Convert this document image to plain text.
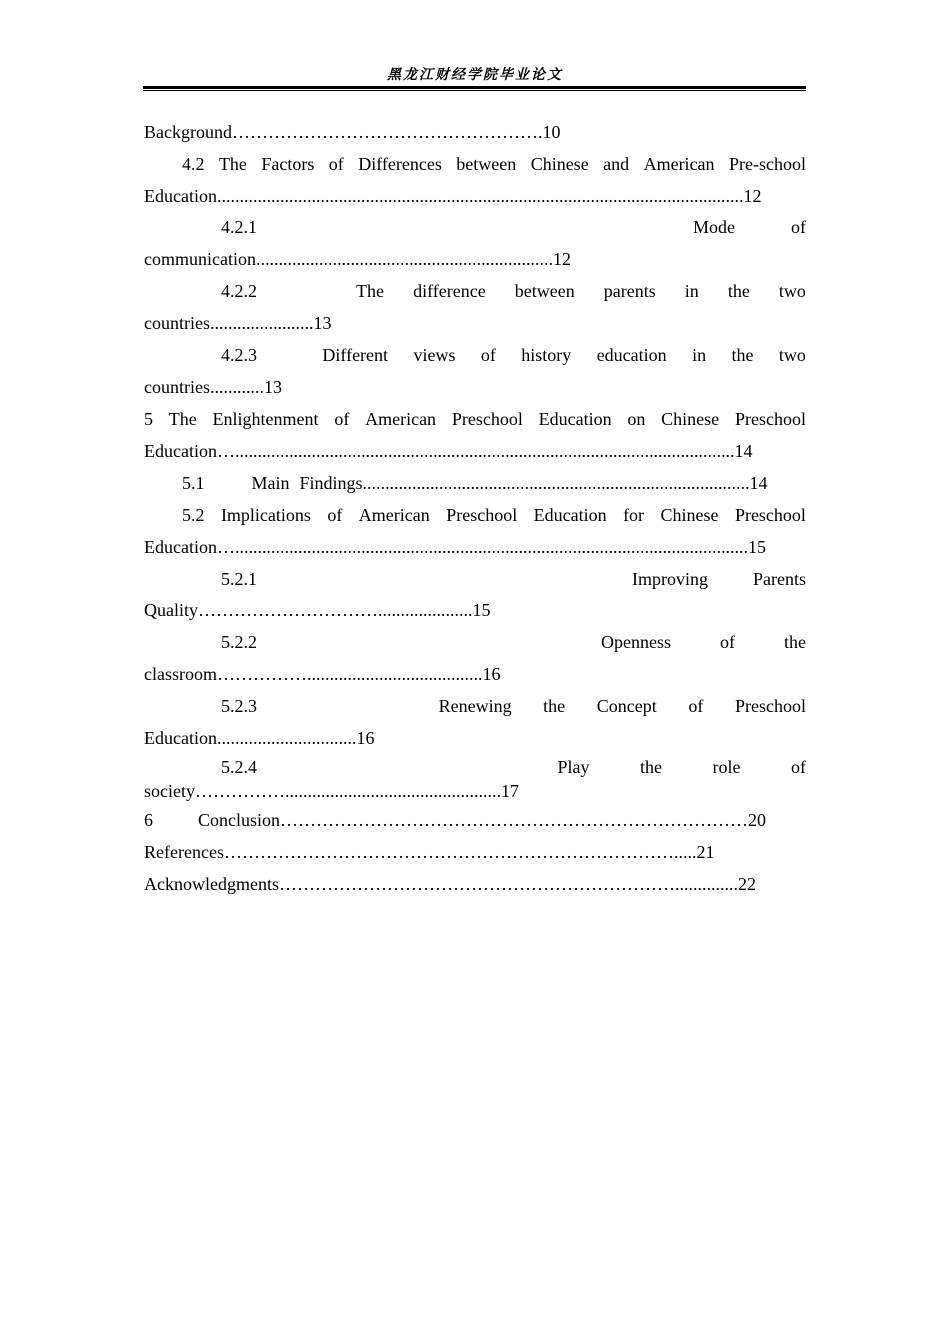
黑龙江财经学院毕业论文
Background…………………………………………….10
4.2 The Factors of Differences between Chinese and American Pre-school
Education.....................................................................................................................12
4.2.1	Mode	of
communication..................................................................12
4.2.2	The difference between parents in the two
countries.......................13
4.2.3	Different views of history education in the two
countries............13
5 The Enlightenment of American Preschool Education on Chinese Preschool
Education…...............................................................................................................14
5.1	Main Findings......................................................................................14
5.2 Implications of American Preschool Education for Chinese Preschool
Education…..................................................................................................................15
5.2.1	Improving	Parents
Quality………………………….....................15
5.2.2	Openness	of	the
classroom…………….......................................16
5.2.3	Renewing the Concept of Preschool
Education...............................16
5.2.4	Play	the	role	of
society……………................................................17
6	Conclusion……………………………………………………………………20
References………………………………………………………………….....21
Acknowledgments…………………………………………………………..............22
